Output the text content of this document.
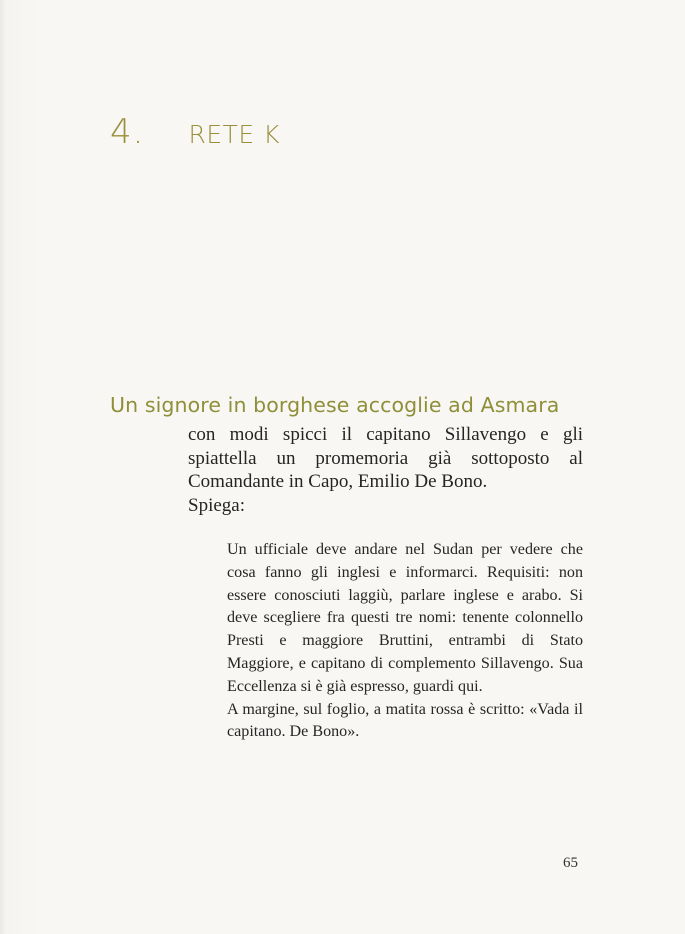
4. RETE K
Un signore in borghese accoglie ad Asmara

con modi spicci il capitano Sillavengo e gli spiattella un promemoria già sottoposto al Comandante in Capo, Emilio De Bono.

Spiega:

Un ufficiale deve andare nel Sudan per vedere che cosa fanno gli inglesi e informarci. Requisiti: non essere conosciuti laggiù, parlare inglese e arabo. Si deve scegliere fra questi tre nomi: tenente colonnello Presti e maggiore Bruttini, entrambi di Stato Maggiore, e capitano di complemento Sillavengo. Sua Eccellenza si è già espresso, guardi qui.

A margine, sul foglio, a matita rossa è scritto: «Vada il capitano. De Bono».

65
